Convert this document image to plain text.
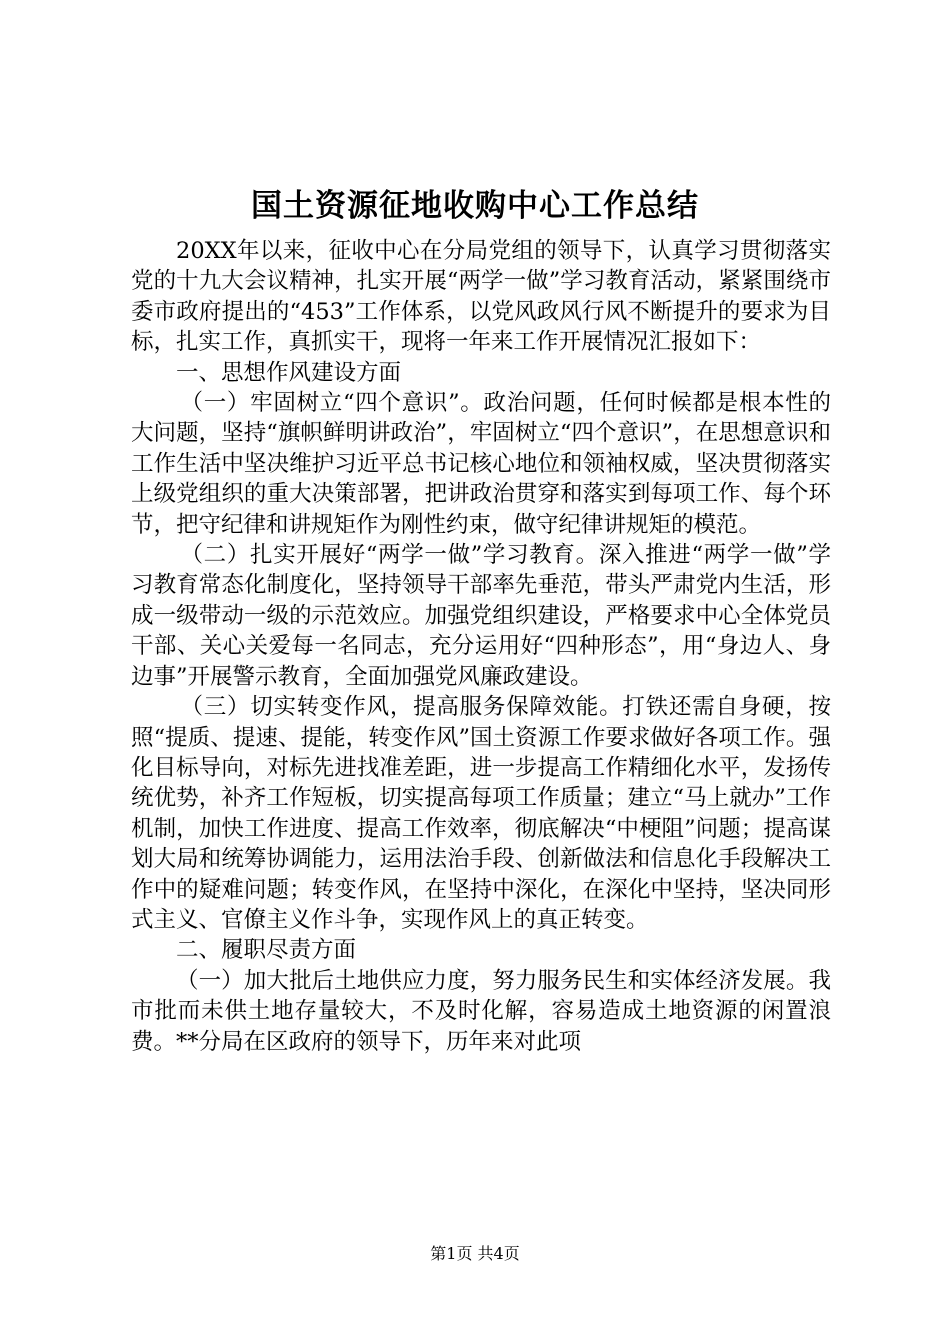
国土资源征地收购中心工作总结

20XX年以来，征收中心在分局党组的领导下，认真学习贯彻落实党的十九大会议精神，扎实开展“两学一做”学习教育活动，紧紧围绕市委市政府提出的“453”工作体系，以党风政风行风不断提升的要求为目标，扎实工作，真抓实干，现将一年来工作开展情况汇报如下：

一、思想作风建设方面

（一）牢固树立“四个意识”。政治问题，任何时候都是根本性的大问题，坚持“旗帜鲜明讲政治”，牢固树立“四个意识”，在思想意识和工作生活中坚决维护习近平总书记核心地位和领袖权威，坚决贯彻落实上级党组织的重大决策部署，把讲政治贯穿和落实到每项工作、每个环节，把守纪律和讲规矩作为刚性约束，做守纪律讲规矩的模范。

（二）扎实开展好“两学一做”学习教育。深入推进“两学一做”学习教育常态化制度化，坚持领导干部率先垂范，带头严肃党内生活，形成一级带动一级的示范效应。加强党组织建设，严格要求中心全体党员干部、关心关爱每一名同志，充分运用好“四种形态”，用“身边人、身边事”开展警示教育，全面加强党风廉政建设。

（三）切实转变作风，提高服务保障效能。打铁还需自身硬，按照“提质、提速、提能，转变作风”国土资源工作要求做好各项工作。强化目标导向，对标先进找准差距，进一步提高工作精细化水平，发扬传统优势，补齐工作短板，切实提高每项工作质量；建立“马上就办”工作机制，加快工作进度、提高工作效率，彻底解决“中梗阻”问题；提高谋划大局和统筹协调能力，运用法治手段、创新做法和信息化手段解决工作中的疑难问题；转变作风，在坚持中深化，在深化中坚持，坚决同形式主义、官僚主义作斗争，实现作风上的真正转变。

二、履职尽责方面

（一）加大批后土地供应力度，努力服务民生和实体经济发展。我市批而未供土地存量较大，不及时化解，容易造成土地资源的闲置浪费。**分局在区政府的领导下，历年来对此项

第1页 共4页
